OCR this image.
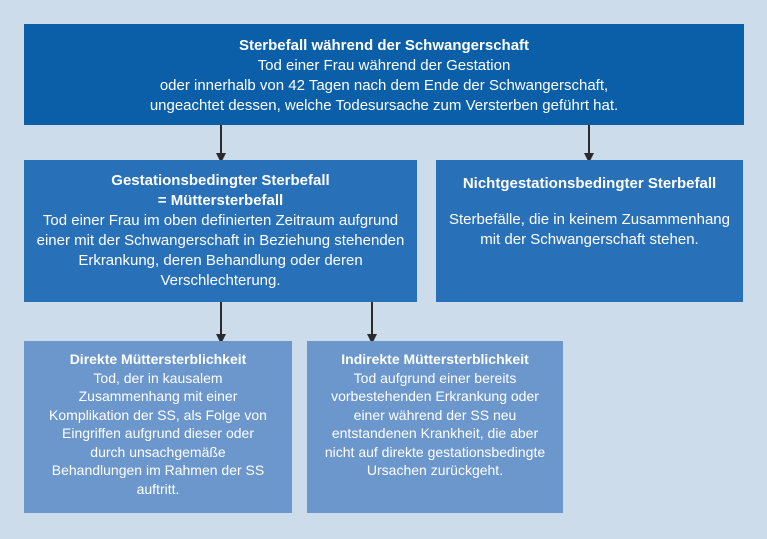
Sterbefall während der Schwangerschaft

Tod einer Frau während der Gestation

oder innerhalb von 42 Tagen nach dem Ende der Schwangerschaft,

ungeachtet dessen, welche Todesursache zum Versterben geführt hat.

Gestationsbedingter Sterbefall

= Müttersterbefall

Tod einer Frau im oben definierten Zeitraum aufgrund

einer mit der Schwangerschaft in Beziehung stehenden

Erkrankung, deren Behandlung oder deren

Verschlechterung.

Nichtgestationsbedingter Sterbefall

Sterbefälle, die in keinem Zusammenhang

mit der Schwangerschaft stehen.

Direkte Müttersterblichkeit

Tod, der in kausalem

Zusammenhang mit einer

Komplikation der SS, als Folge von

Eingriffen aufgrund dieser oder

durch unsachgemäße

Behandlungen im Rahmen der SS

auftritt.

Indirekte Müttersterblichkeit

Tod aufgrund einer bereits

vorbestehenden Erkrankung oder

einer während der SS neu

entstandenen Krankheit, die aber

nicht auf direkte gestationsbedingte

Ursachen zurückgeht.
